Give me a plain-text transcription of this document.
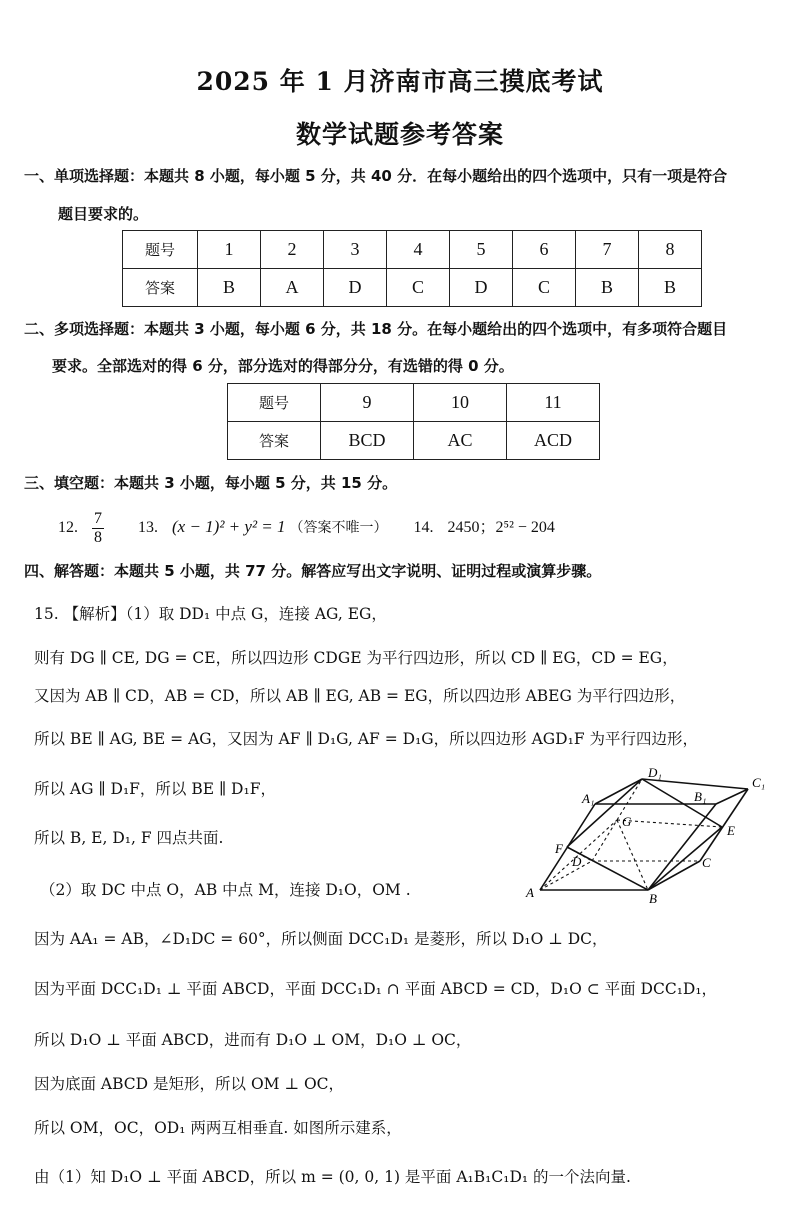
2025 年 1 月济南市高三摸底考试
数学试题参考答案
一、单项选择题：本题共 8 小题，每小题 5 分，共 40 分．在每小题给出的四个选项中，只有一项是符合
题目要求的。
题号	1	2	3	4	5	6	7	8
答案	B	A	D	C	D	C	B	B
二、多项选择题：本题共 3 小题，每小题 6 分，共 18 分。在每小题给出的四个选项中，有多项符合题目
要求。全部选对的得 6 分，部分选对的得部分分，有选错的得 0 分。
题号	9	10	11
答案	BCD	AC	ACD
三、填空题：本题共 3 小题，每小题 5 分，共 15 分。
12. $\frac{7}{8} 13$. (x − 1)² + y² = 1 （答案不唯一） 14. 2450；2⁵² − 204
四、解答题：本题共 5 小题，共 77 分。解答应写出文字说明、证明过程或演算步骤。
15. 【解析】（1）取 DD₁ 中点 G，连接 AG, EG，
则有 DG ∥ CE, DG = CE，所以四边形 CDGE 为平行四边形，所以 CD ∥ EG，CD = EG，
又因为 AB ∥ CD，AB = CD，所以 AB ∥ EG, AB = EG，所以四边形 ABEG 为平行四边形，
所以 BE ∥ AG, BE = AG，又因为 AF ∥ D₁G, AF = D₁G，所以四边形 AGD₁F 为平行四边形，
所以 AG ∥ D₁F，所以 BE ∥ D₁F，
所以 B, E, D₁, F 四点共面.
（2）取 DC 中点 O，AB 中点 M，连接 D₁O，OM .
因为 AA₁ = AB，∠D₁DC = 60°，所以侧面 DCC₁D₁ 是菱形，所以 D₁O ⊥ DC，
因为平面 DCC₁D₁ ⊥ 平面 ABCD，平面 DCC₁D₁ ∩ 平面 ABCD = CD，D₁O ⊂ 平面 DCC₁D₁，
所以 D₁O ⊥ 平面 ABCD，进而有 D₁O ⊥ OM，D₁O ⊥ OC，
因为底面 ABCD 是矩形，所以 OM ⊥ OC，
所以 OM，OC，OD₁ 两两互相垂直. 如图所示建系，
由（1）知 D₁O ⊥ 平面 ABCD，所以 m = (0, 0, 1) 是平面 A₁B₁C₁D₁ 的一个法向量.
A	B
C
D
A₁	B₁
C₁
D₁
E
F
G
